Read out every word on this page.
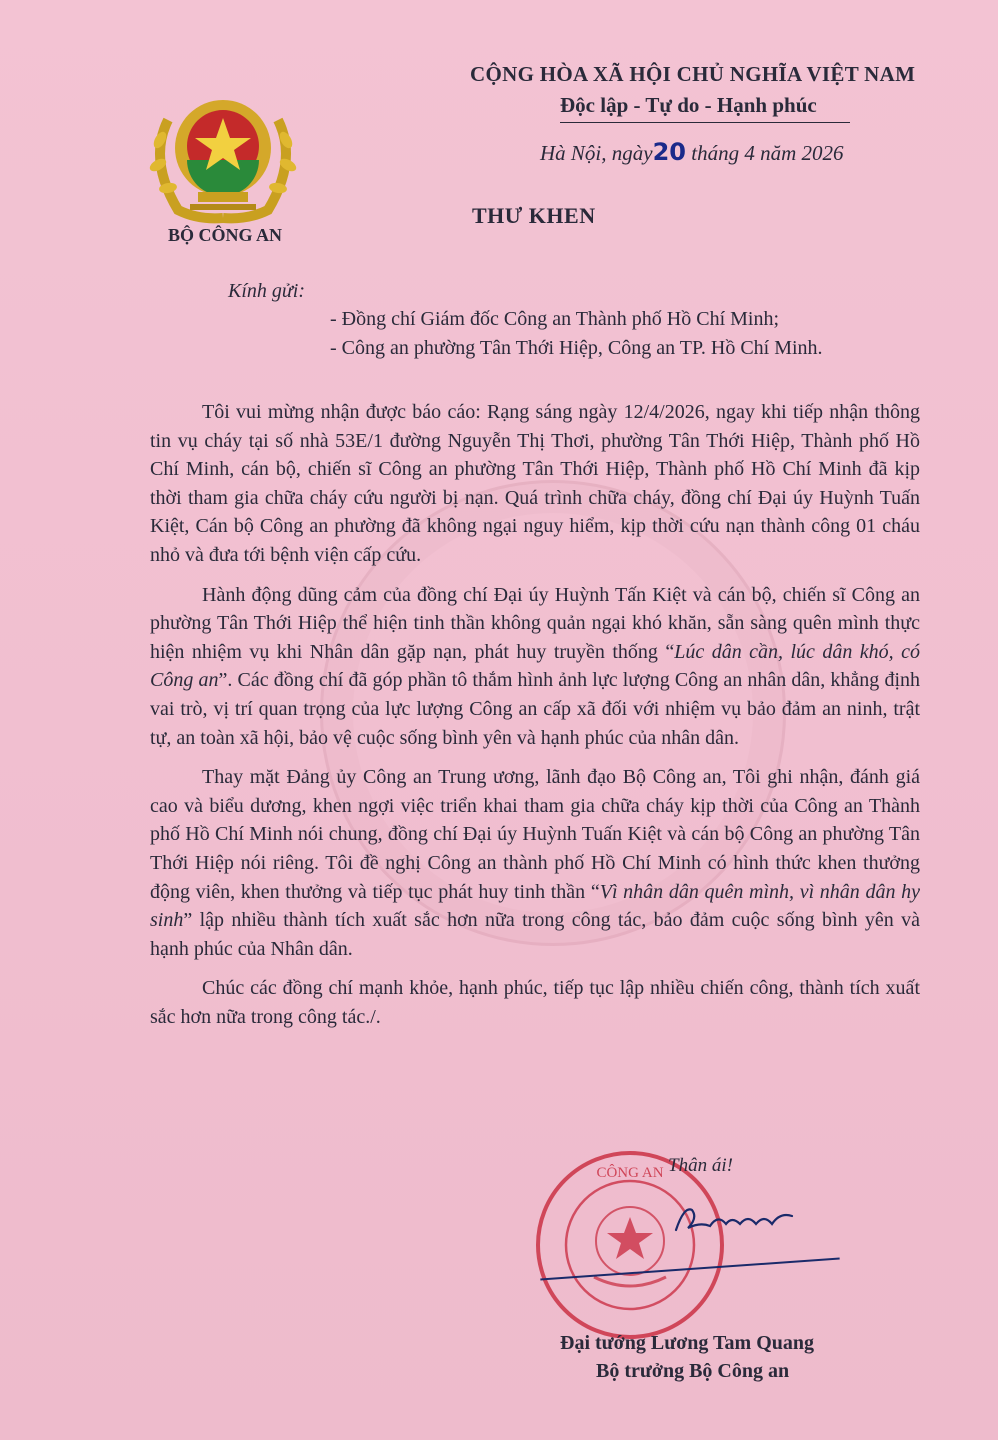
BỘ CÔNG AN
CỘNG HÒA XÃ HỘI CHỦ NGHĨA VIỆT NAM
Độc lập - Tự do - Hạnh phúc
Hà Nội, ngày20 tháng 4 năm 2026
THƯ KHEN
Kính gửi:
- Đồng chí Giám đốc Công an Thành phố Hồ Chí Minh;
- Công an phường Tân Thới Hiệp, Công an TP. Hồ Chí Minh.

Tôi vui mừng nhận được báo cáo: Rạng sáng ngày 12/4/2026, ngay khi tiếp nhận thông tin vụ cháy tại số nhà 53E/1 đường Nguyễn Thị Thơi, phường Tân Thới Hiệp, Thành phố Hồ Chí Minh, cán bộ, chiến sĩ Công an phường Tân Thới Hiệp, Thành phố Hồ Chí Minh đã kịp thời tham gia chữa cháy cứu người bị nạn. Quá trình chữa cháy, đồng chí Đại úy Huỳnh Tuấn Kiệt, Cán bộ Công an phường đã không ngại nguy hiểm, kịp thời cứu nạn thành công 01 cháu nhỏ và đưa tới bệnh viện cấp cứu.

Hành động dũng cảm của đồng chí Đại úy Huỳnh Tấn Kiệt và cán bộ, chiến sĩ Công an phường Tân Thới Hiệp thể hiện tinh thần không quản ngại khó khăn, sẵn sàng quên mình thực hiện nhiệm vụ khi Nhân dân gặp nạn, phát huy truyền thống “Lúc dân cần, lúc dân khó, có Công an”. Các đồng chí đã góp phần tô thắm hình ảnh lực lượng Công an nhân dân, khẳng định vai trò, vị trí quan trọng của lực lượng Công an cấp xã đối với nhiệm vụ bảo đảm an ninh, trật tự, an toàn xã hội, bảo vệ cuộc sống bình yên và hạnh phúc của nhân dân.

Thay mặt Đảng ủy Công an Trung ương, lãnh đạo Bộ Công an, Tôi ghi nhận, đánh giá cao và biểu dương, khen ngợi việc triển khai tham gia chữa cháy kịp thời của Công an Thành phố Hồ Chí Minh nói chung, đồng chí Đại úy Huỳnh Tuấn Kiệt và cán bộ Công an phường Tân Thới Hiệp nói riêng. Tôi đề nghị Công an thành phố Hồ Chí Minh có hình thức khen thưởng động viên, khen thưởng và tiếp tục phát huy tinh thần “Vì nhân dân quên mình, vì nhân dân hy sinh” lập nhiều thành tích xuất sắc hơn nữa trong công tác, bảo đảm cuộc sống bình yên và hạnh phúc của Nhân dân.

Chúc các đồng chí mạnh khỏe, hạnh phúc, tiếp tục lập nhiều chiến công, thành tích xuất sắc hơn nữa trong công tác./.

CÔNG AN Thân ái!
Đại tướng Lương Tam Quang
Bộ trưởng Bộ Công an
